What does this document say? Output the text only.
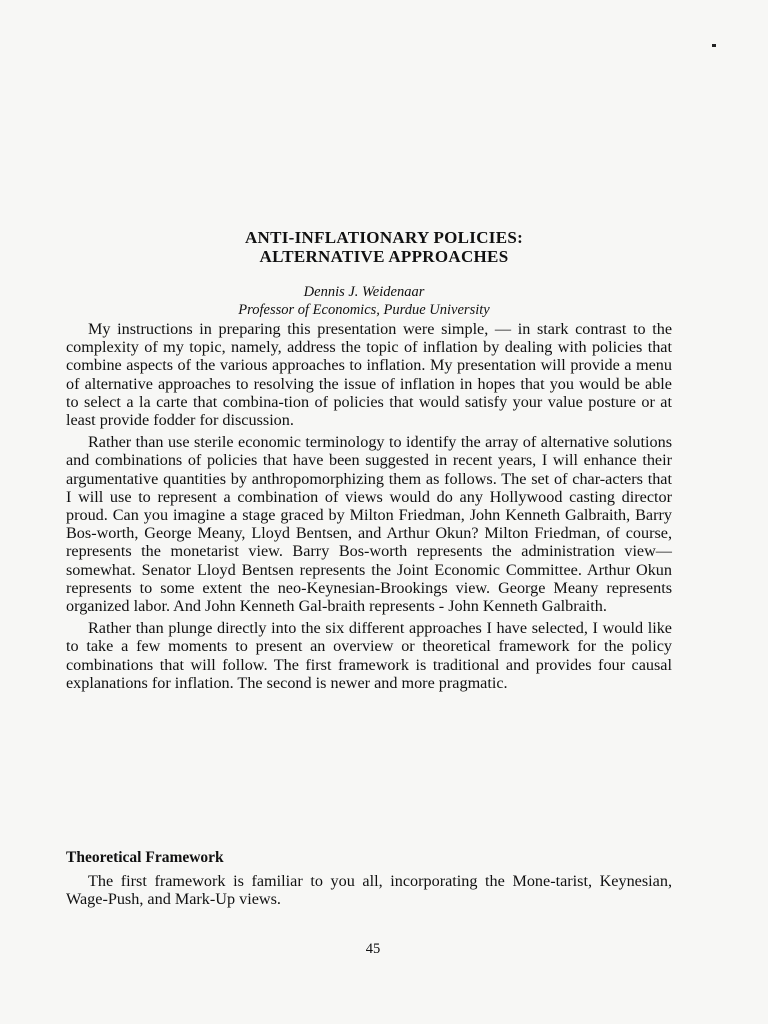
ANTI-INFLATIONARY POLICIES:
ALTERNATIVE APPROACHES
Dennis J. Weidenaar
Professor of Economics, Purdue University

My instructions in preparing this presentation were simple, — in stark contrast to the complexity of my topic, namely, address the topic of inflation by dealing with policies that combine aspects of the various approaches to inflation. My presentation will provide a menu of alternative approaches to resolving the issue of inflation in hopes that you would be able to select a la carte that combina-tion of policies that would satisfy your value posture or at least provide fodder for discussion.

Rather than use sterile economic terminology to identify the array of alternative solutions and combinations of policies that have been suggested in recent years, I will enhance their argumentative quantities by anthropomorphizing them as follows. The set of char-acters that I will use to represent a combination of views would do any Hollywood casting director proud. Can you imagine a stage graced by Milton Friedman, John Kenneth Galbraith, Barry Bos-worth, George Meany, Lloyd Bentsen, and Arthur Okun? Milton Friedman, of course, represents the monetarist view. Barry Bos-worth represents the administration view—somewhat. Senator Lloyd Bentsen represents the Joint Economic Committee. Arthur Okun represents to some extent the neo-Keynesian-Brookings view. George Meany represents organized labor. And John Kenneth Gal-braith represents - John Kenneth Galbraith.

Rather than plunge directly into the six different approaches I have selected, I would like to take a few moments to present an overview or theoretical framework for the policy combinations that will follow. The first framework is traditional and provides four causal explanations for inflation. The second is newer and more pragmatic.

Theoretical Framework

The first framework is familiar to you all, incorporating the Mone-tarist, Keynesian, Wage-Push, and Mark-Up views.

45
